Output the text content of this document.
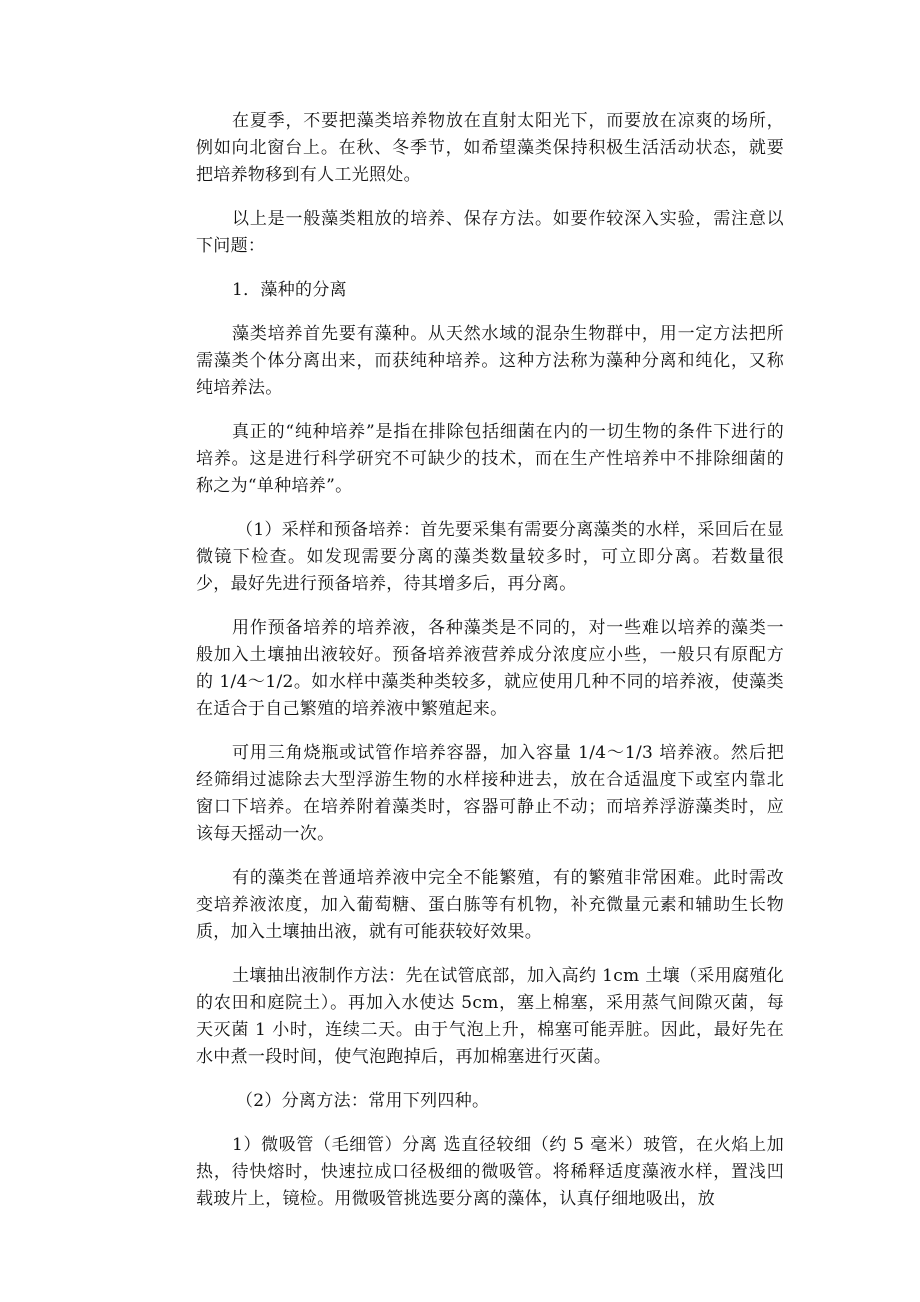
在夏季，不要把藻类培养物放在直射太阳光下，而要放在凉爽的场所，例如向北窗台上。在秋、冬季节，如希望藻类保持积极生活活动状态，就要把培养物移到有人工光照处。

以上是一般藻类粗放的培养、保存方法。如要作较深入实验，需注意以下问题：

1．藻种的分离

藻类培养首先要有藻种。从天然水域的混杂生物群中，用一定方法把所需藻类个体分离出来，而获纯种培养。这种方法称为藻种分离和纯化，又称纯培养法。

真正的“纯种培养”是指在排除包括细菌在内的一切生物的条件下进行的培养。这是进行科学研究不可缺少的技术，而在生产性培养中不排除细菌的称之为“单种培养”。

（1）采样和预备培养：首先要采集有需要分离藻类的水样，采回后在显微镜下检查。如发现需要分离的藻类数量较多时，可立即分离。若数量很少，最好先进行预备培养，待其增多后，再分离。

用作预备培养的培养液，各种藻类是不同的，对一些难以培养的藻类一般加入土壤抽出液较好。预备培养液营养成分浓度应小些，一般只有原配方的 1/4～1/2。如水样中藻类种类较多，就应使用几种不同的培养液，使藻类在适合于自己繁殖的培养液中繁殖起来。

可用三角烧瓶或试管作培养容器，加入容量 1/4～1/3 培养液。然后把经筛绢过滤除去大型浮游生物的水样接种进去，放在合适温度下或室内靠北窗口下培养。在培养附着藻类时，容器可静止不动；而培养浮游藻类时，应该每天摇动一次。

有的藻类在普通培养液中完全不能繁殖，有的繁殖非常困难。此时需改变培养液浓度，加入葡萄糖、蛋白胨等有机物，补充微量元素和辅助生长物质，加入土壤抽出液，就有可能获较好效果。

土壤抽出液制作方法：先在试管底部，加入高约 1cm 土壤（采用腐殖化的农田和庭院土）。再加入水使达 5cm，塞上棉塞，采用蒸气间隙灭菌，每天灭菌 1 小时，连续二天。由于气泡上升，棉塞可能弄脏。因此，最好先在水中煮一段时间，使气泡跑掉后，再加棉塞进行灭菌。

（2）分离方法：常用下列四种。

1）微吸管（毛细管）分离 选直径较细（约 5 毫米）玻管，在火焰上加热，待快熔时，快速拉成口径极细的微吸管。将稀释适度藻液水样，置浅凹载玻片上，镜检。用微吸管挑选要分离的藻体，认真仔细地吸出，放
